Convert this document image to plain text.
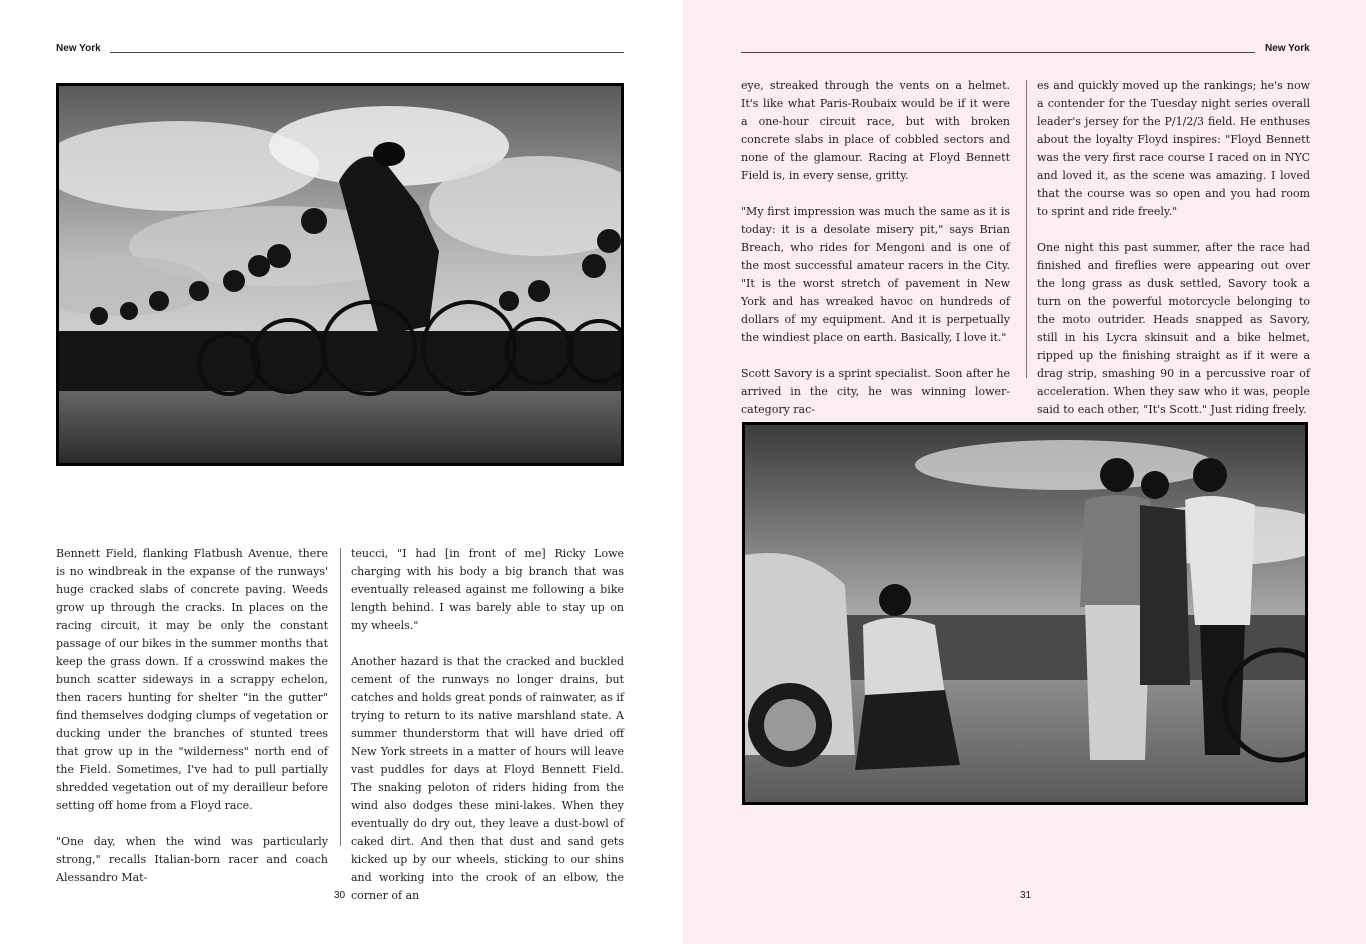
New York

Bennett Field, flanking Flatbush Avenue, there is no windbreak in the expanse of the runways' huge cracked slabs of concrete paving. Weeds grow up through the cracks. In places on the racing circuit, it may be only the constant passage of our bikes in the summer months that keep the grass down. If a crosswind makes the bunch scatter sideways in a scrappy echelon, then racers hunting for shelter "in the gutter" find themselves dodging clumps of vegetation or ducking under the branches of stunted trees that grow up in the "wilderness" north end of the Field. Sometimes, I've had to pull partially shredded vegetation out of my derailleur before setting off home from a Floyd race.

"One day, when the wind was particularly strong," recalls Italian-born racer and coach Alessandro Mat-

teucci, "I had [in front of me] Ricky Lowe charging with his body a big branch that was eventually released against me following a bike length behind. I was barely able to stay up on my wheels."

Another hazard is that the cracked and buckled cement of the runways no longer drains, but catches and holds great ponds of rainwater, as if trying to return to its native marshland state. A summer thunderstorm that will have dried off New York streets in a matter of hours will leave vast puddles for days at Floyd Bennett Field. The snaking peloton of riders hiding from the wind also dodges these mini-lakes. When they eventually do dry out, they leave a dust-bowl of caked dirt. And then that dust and sand gets kicked up by our wheels, sticking to our shins and working into the crook of an elbow, the corner of an

30
New York

eye, streaked through the vents on a helmet. It's like what Paris-Roubaix would be if it were a one-hour circuit race, but with broken concrete slabs in place of cobbled sectors and none of the glamour. Racing at Floyd Bennett Field is, in every sense, gritty.

"My first impression was much the same as it is today: it is a desolate misery pit," says Brian Breach, who rides for Mengoni and is one of the most successful amateur racers in the City. "It is the worst stretch of pavement in New York and has wreaked havoc on hundreds of dollars of my equipment. And it is perpetually the windiest place on earth. Basically, I love it."

Scott Savory is a sprint specialist. Soon after he arrived in the city, he was winning lower-category rac-

es and quickly moved up the rankings; he's now a contender for the Tuesday night series overall leader's jersey for the P/1/2/3 field. He enthuses about the loyalty Floyd inspires: "Floyd Bennett was the very first race course I raced on in NYC and loved it, as the scene was amazing. I loved that the course was so open and you had room to sprint and ride freely."

One night this past summer, after the race had finished and fireflies were appearing out over the long grass as dusk settled, Savory took a turn on the powerful motorcycle belonging to the moto outrider. Heads snapped as Savory, still in his Lycra skinsuit and a bike helmet, ripped up the finishing straight as if it were a drag strip, smashing 90 in a percussive roar of acceleration. When they saw who it was, people said to each other, "It's Scott." Just riding freely.

31
